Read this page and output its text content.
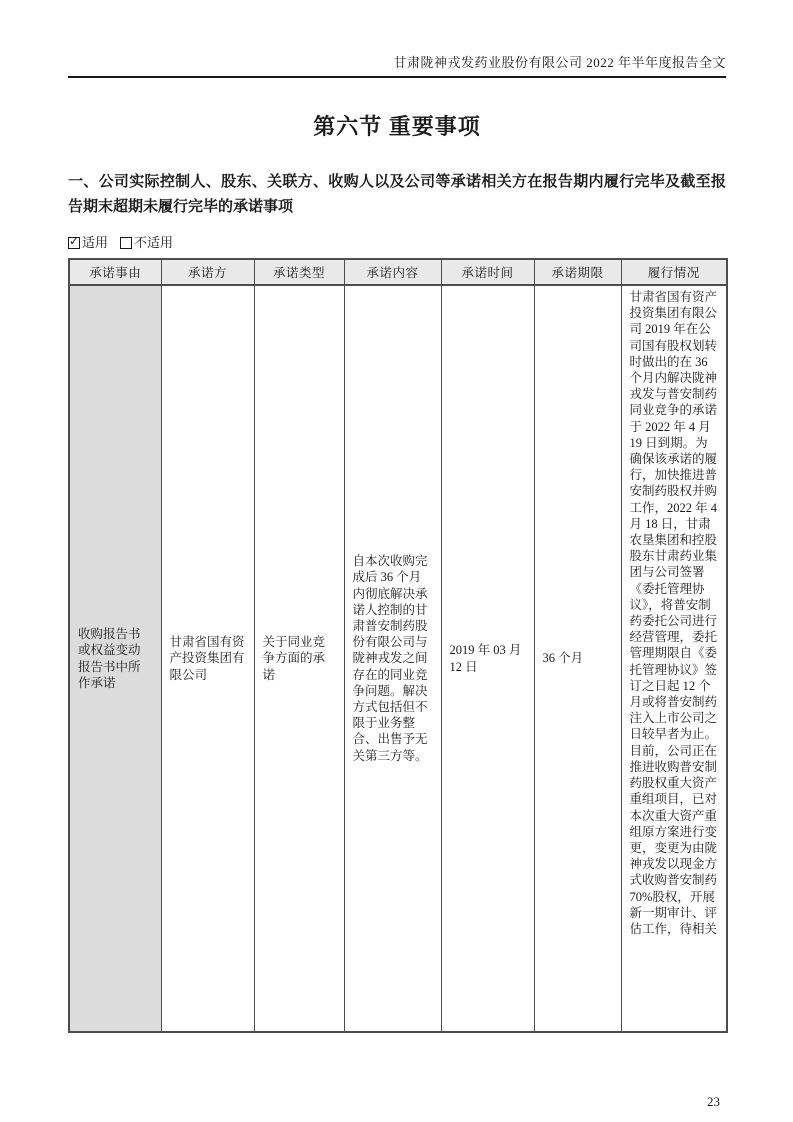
甘肃陇神戎发药业股份有限公司 2022 年半年度报告全文
第六节 重要事项
一、公司实际控制人、股东、关联方、收购人以及公司等承诺相关方在报告期内履行完毕及截至报告期末超期未履行完毕的承诺事项
✓ 适用 不适用
承诺事由	承诺方	承诺类型	承诺内容	承诺时间	承诺期限	履行情况
收购报告书或权益变动报告书中所作承诺	甘肃省国有资产投资集团有限公司	关于同业竞争方面的承诺	自本次收购完成后 36 个月内彻底解决承诺人控制的甘肃普安制药股份有限公司与陇神戎发之间存在的同业竞争问题。解决方式包括但不限于业务整合、出售予无关第三方等。	2019 年 03 月 12 日	36 个月	甘肃省国有资产投资集团有限公司 2019 年在公司国有股权划转时做出的在 36 个月内解决陇神戎发与普安制药同业竞争的承诺于 2022 年 4 月 19 日到期。为确保该承诺的履行，加快推进普安制药股权并购工作，2022 年 4 月 18 日，甘肃农垦集团和控股股东甘肃药业集团与公司签署《委托管理协议》，将普安制药委托公司进行经营管理，委托管理期限自《委托管理协议》签订之日起 12 个月或将普安制药注入上市公司之日较早者为止。目前，公司正在推进收购普安制药股权重大资产重组项目，已对本次重大资产重组原方案进行变更，变更为由陇神戎发以现金方式收购普安制药 70%股权，开展新一期审计、评估工作，待相关
23
